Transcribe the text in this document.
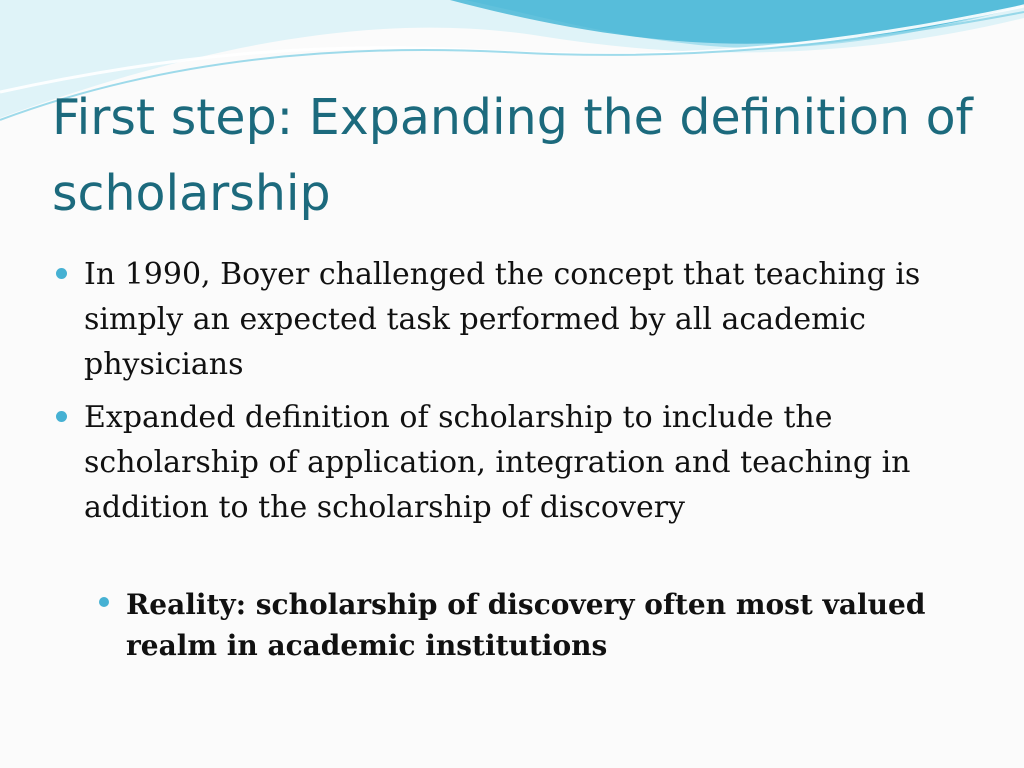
First step: Expanding the definition of scholarship
In 1990, Boyer challenged the concept that teaching is simply an expected task performed by all academic physicians
Expanded definition of scholarship to include the scholarship of application, integration and teaching in addition to the scholarship of discovery
Reality: scholarship of discovery often most valued realm in academic institutions
